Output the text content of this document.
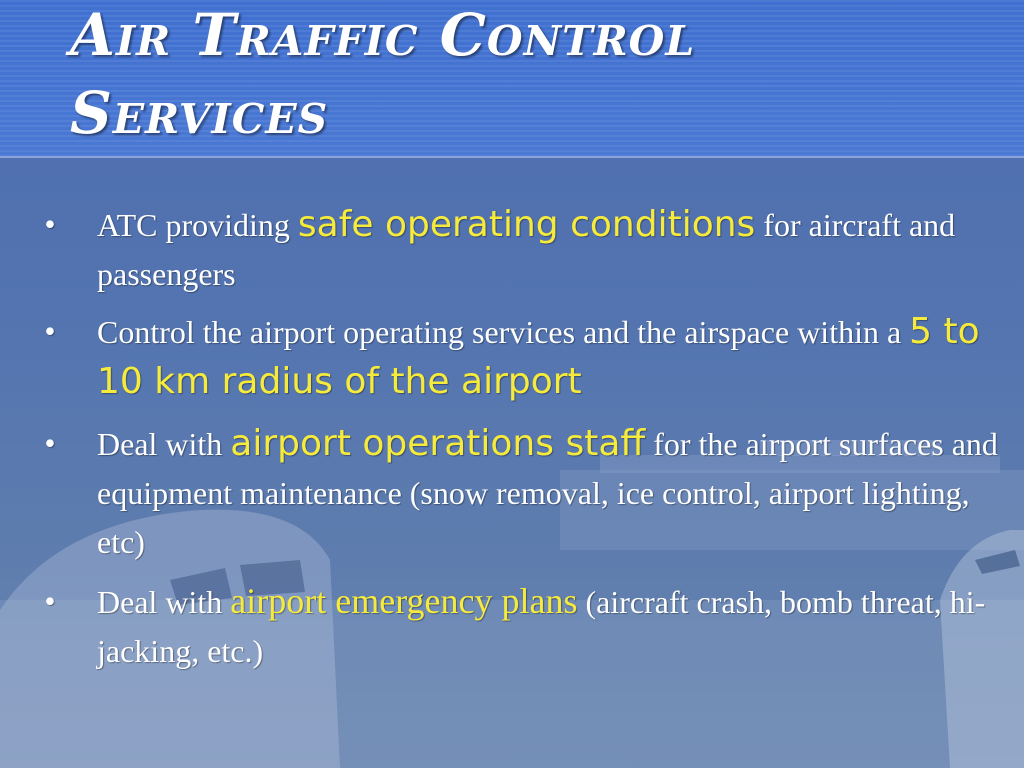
Air Traffic Control Services
• ATC providing safe operating conditions for aircraft and passengers
• Control the airport operating services and the airspace within a 5 to 10 km radius of the airport
• Deal with airport operations staff for the airport surfaces and equipment maintenance (snow removal, ice control, airport lighting, etc)
• Deal with airport emergency plans (aircraft crash, bomb threat, hi-jacking, etc.)
